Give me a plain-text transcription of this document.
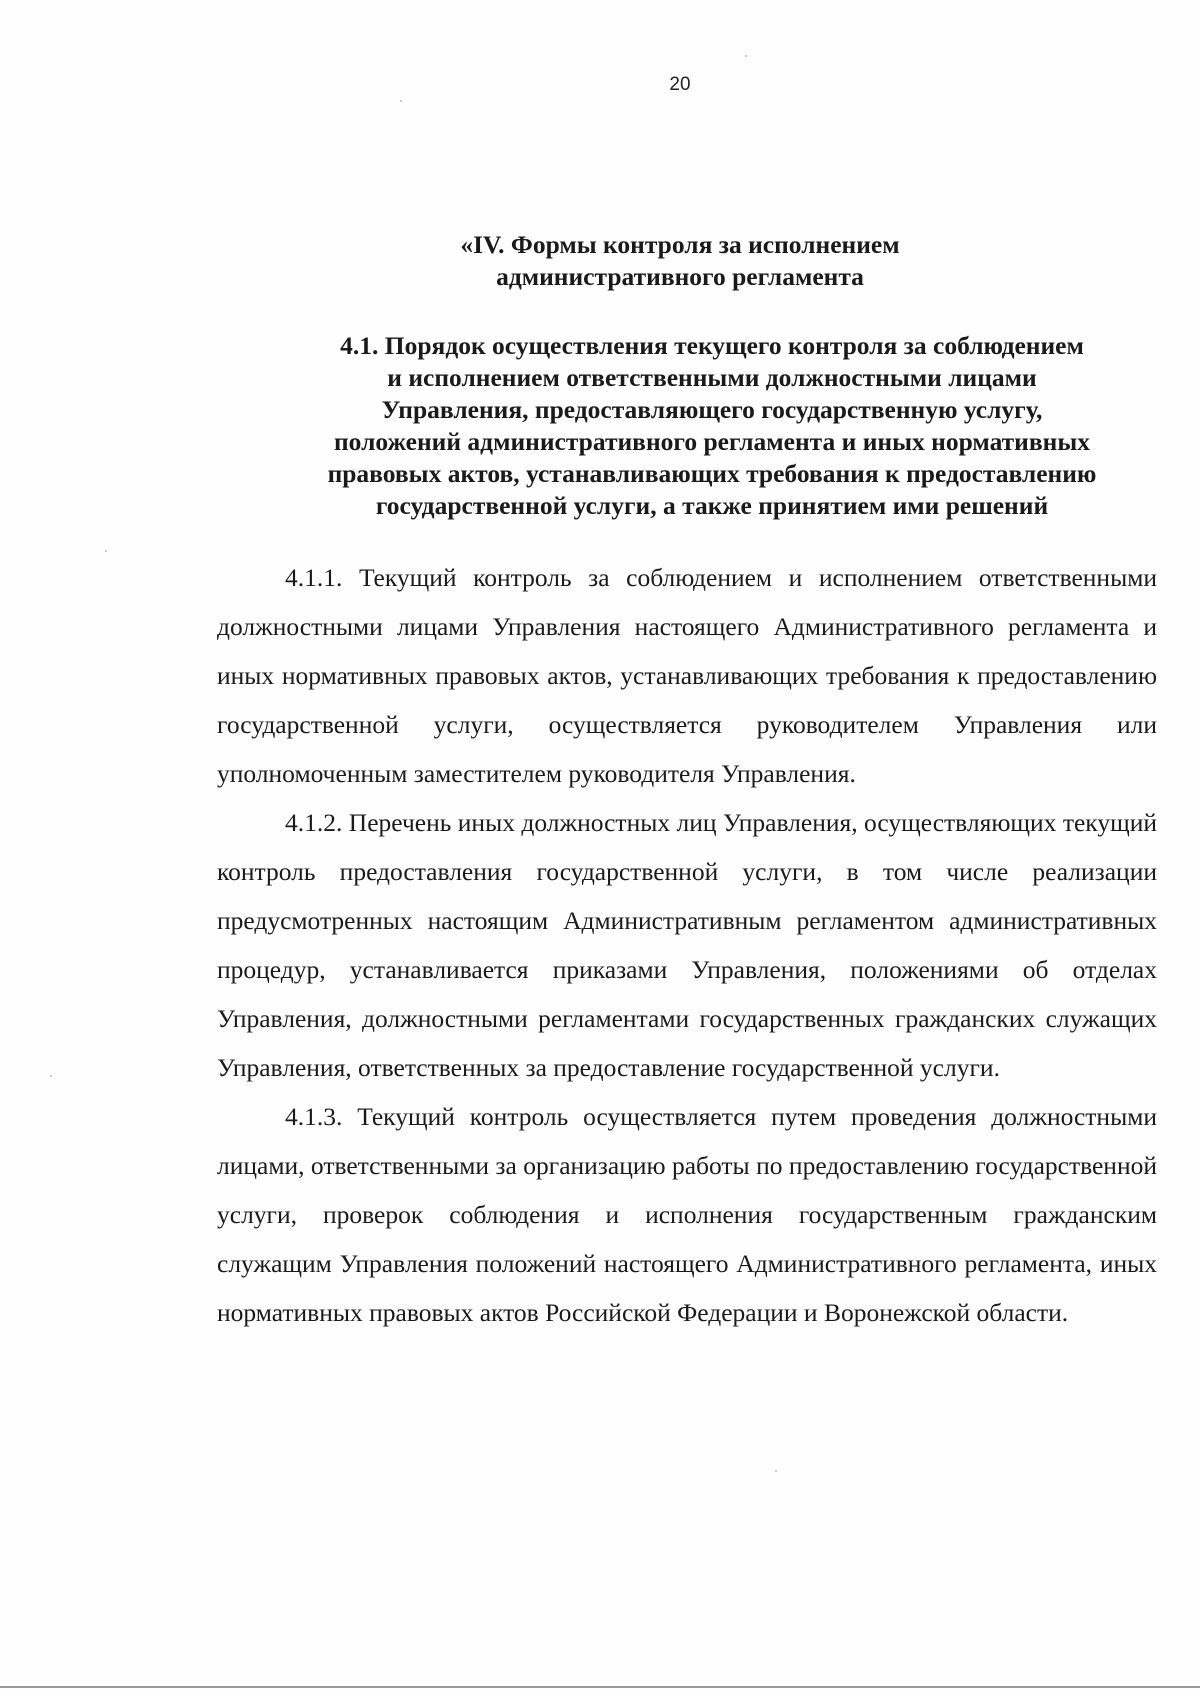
20
«IV. Формы контроля за исполнением
административного регламента
4.1. Порядок осуществления текущего контроля за соблюдением
и исполнением ответственными должностными лицами
Управления, предоставляющего государственную услугу,
положений административного регламента и иных нормативных
правовых актов, устанавливающих требования к предоставлению
государственной услуги, а также принятием ими решений

4.1.1. Текущий контроль за соблюдением и исполнением ответственными должностными лицами Управления настоящего Административного регламента и иных нормативных правовых актов, устанавливающих требования к предоставлению государственной услуги, осуществляется руководителем Управления или уполномоченным заместителем руководителя Управления.

4.1.2. Перечень иных должностных лиц Управления, осуществляющих текущий контроль предоставления государственной услуги, в том числе реализации предусмотренных настоящим Административным регламентом административных процедур, устанавливается приказами Управления, положениями об отделах Управления, должностными регламентами государственных гражданских служащих Управления, ответственных за предоставление государственной услуги.

4.1.3. Текущий контроль осуществляется путем проведения должностными лицами, ответственными за организацию работы по предоставлению государственной услуги, проверок соблюдения и исполнения государственным гражданским служащим Управления положений настоящего Административного регламента, иных нормативных правовых актов Российской Федерации и Воронежской области.
